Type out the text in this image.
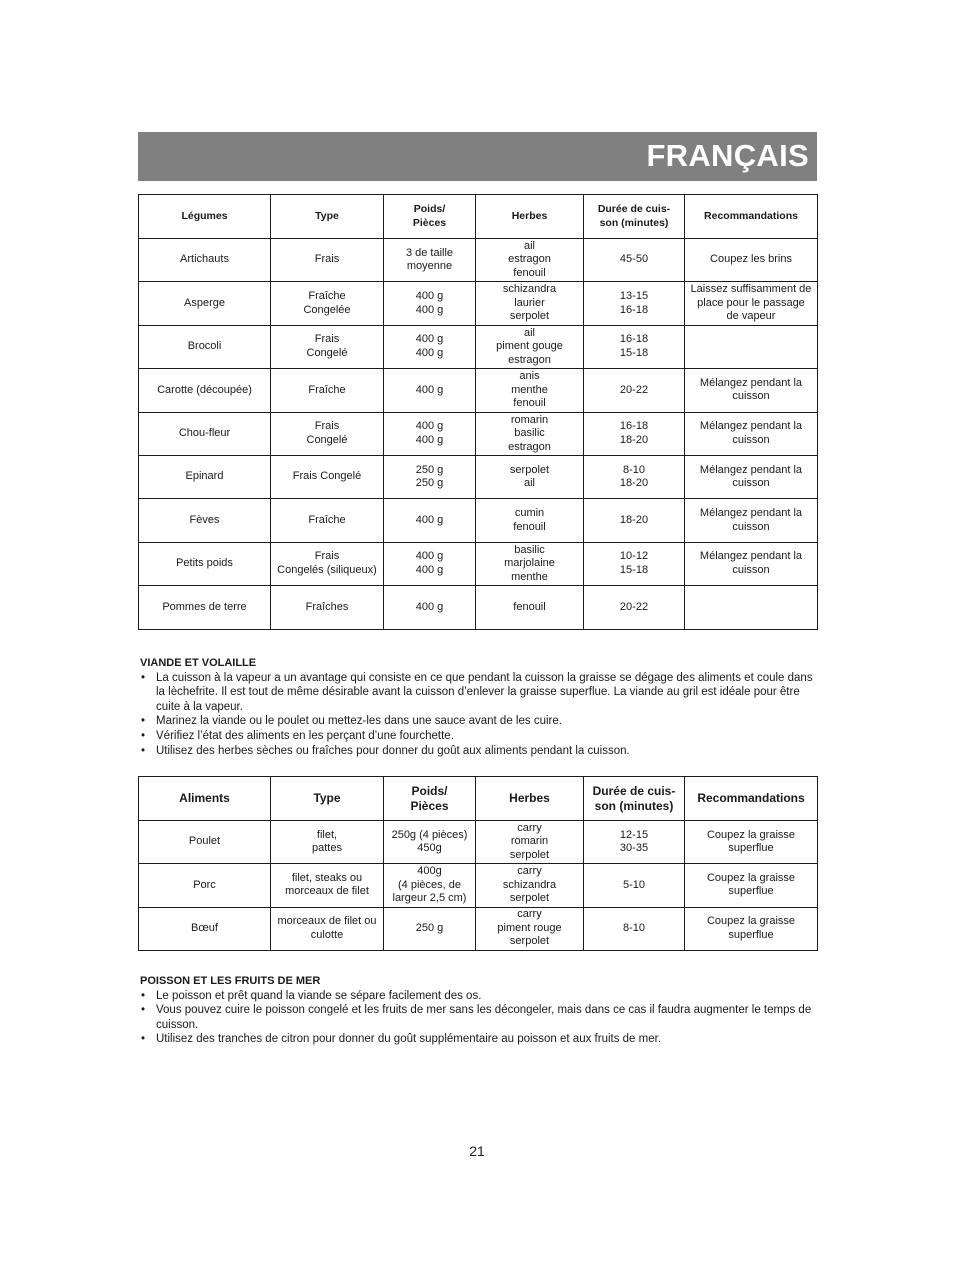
FRANÇAIS
Légumes	Type	Poids/
Pièces	Herbes	Durée de cuis-
son (minutes)	Recommandations
Artichauts	Frais	3 de taille
moyenne	ail
estragon
fenouil	45-50	Coupez les brins
Asperge	Fraîche
Congelée	400 g
400 g	schizandra
laurier
serpolet	13-15
16-18	Laissez suffisamment de
place pour le passage
de vapeur
Brocoli	Frais
Congelé	400 g
400 g	ail
piment gouge
estragon	16-18
15-18	
Carotte (découpée)	Fraîche	400 g	anis
menthe
fenouil	20-22	Mélangez pendant la
cuisson
Chou-fleur	Frais
Congelé	400 g
400 g	romarin
basilic
estragon	16-18
18-20	Mélangez pendant la
cuisson
Epinard	Frais Congelé	250 g
250 g	serpolet
ail	8-10
18-20	Mélangez pendant la
cuisson
Fèves	Fraîche	400 g	cumin
fenouil	18-20	Mélangez pendant la
cuisson
Petits poids	Frais
Congelés (siliqueux)	400 g
400 g	basilic
marjolaine
menthe	10-12
15-18	Mélangez pendant la
cuisson
Pommes de terre	Fraîches	400 g	fenouil	20-22	
VIANDE ET VOLAILLE
• La cuisson à la vapeur a un avantage qui consiste en ce que pendant la cuisson la graisse se dégage des aliments et coule dans la lèchefrite. Il est tout de même désirable avant la cuisson d’enlever la graisse superflue. La viande au gril est idéale pour être cuite à la vapeur.
• Marinez la viande ou le poulet ou mettez-les dans une sauce avant de les cuire.
• Vérifiez l’état des aliments en les perçant d’une fourchette.
• Utilisez des herbes sèches ou fraîches pour donner du goût aux aliments pendant la cuisson.
Aliments	Type	Poids/
Pièces	Herbes	Durée de cuis-
son (minutes)	Recommandations
Poulet	filet,
pattes	250g (4 pièces)
450g	carry
romarin
serpolet	12-15
30-35	Coupez la graisse
superflue
Porc	filet, steaks ou
morceaux de filet	400g
(4 pièces, de
largeur 2,5 cm)	carry
schizandra
serpolet	5-10	Coupez la graisse
superflue
Bœuf	morceaux de filet ou
culotte	250 g	carry
piment rouge
serpolet	8-10	Coupez la graisse
superflue
POISSON ET LES FRUITS DE MER
• Le poisson et prêt quand la viande se sépare facilement des os.
• Vous pouvez cuire le poisson congelé et les fruits de mer sans les décongeler, mais dans ce cas il faudra augmenter le temps de cuisson.
• Utilisez des tranches de citron pour donner du goût supplémentaire au poisson et aux fruits de mer.
21
